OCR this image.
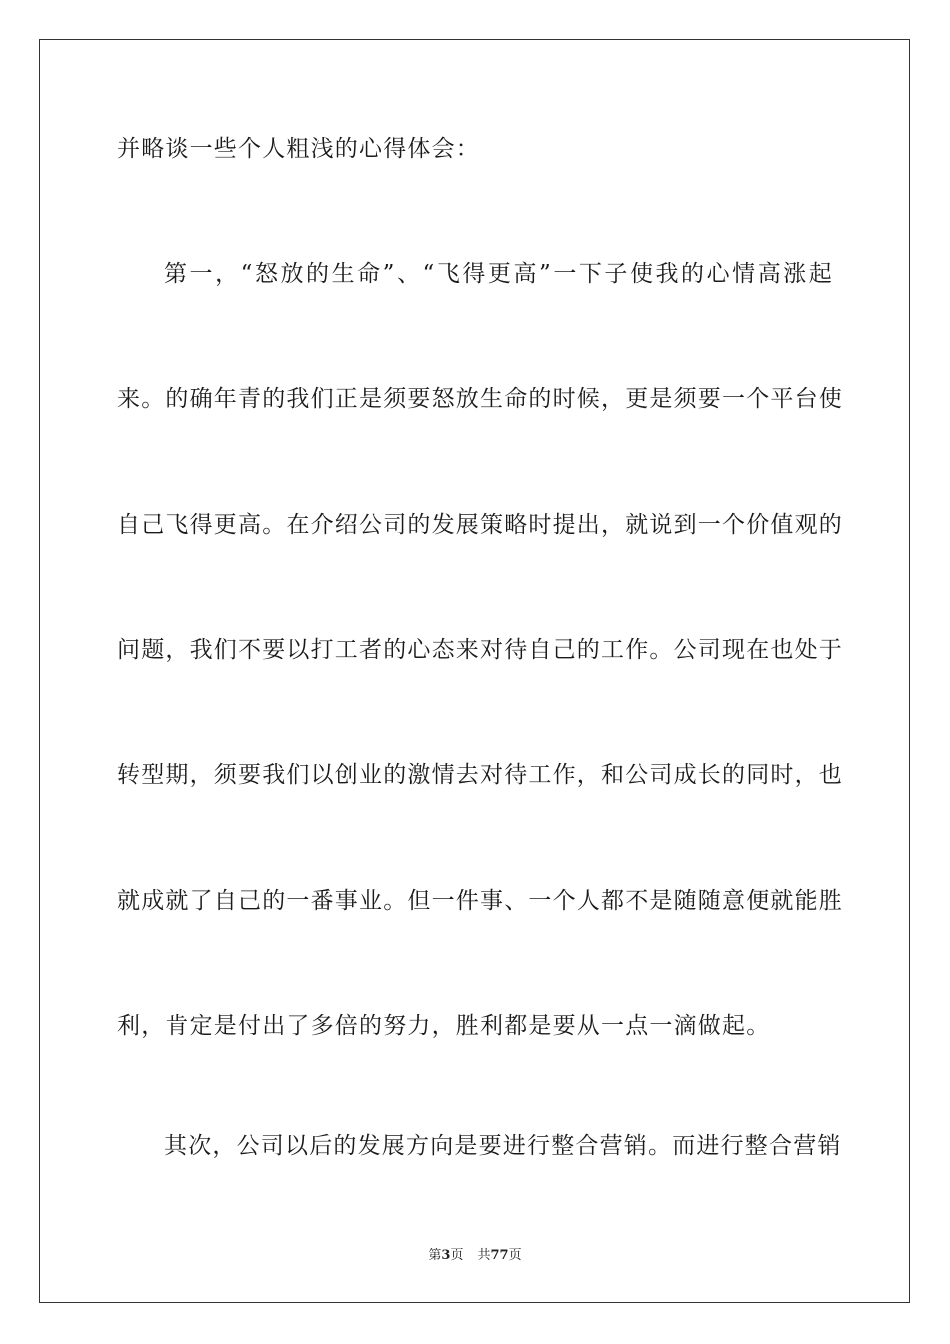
并略谈一些个人粗浅的心得体会：
第一，“怒放的生命”、“飞得更高”一下子使我的心情高涨起
来。的确年青的我们正是须要怒放生命的时候，更是须要一个平台使
自己飞得更高。在介绍公司的发展策略时提出，就说到一个价值观的
问题，我们不要以打工者的心态来对待自己的工作。公司现在也处于
转型期，须要我们以创业的激情去对待工作，和公司成长的同时，也
就成就了自己的一番事业。但一件事、一个人都不是随随意便就能胜
利，肯定是付出了多倍的努力，胜利都是要从一点一滴做起。
其次，公司以后的发展方向是要进行整合营销。而进行整合营销
第3页 共77页
